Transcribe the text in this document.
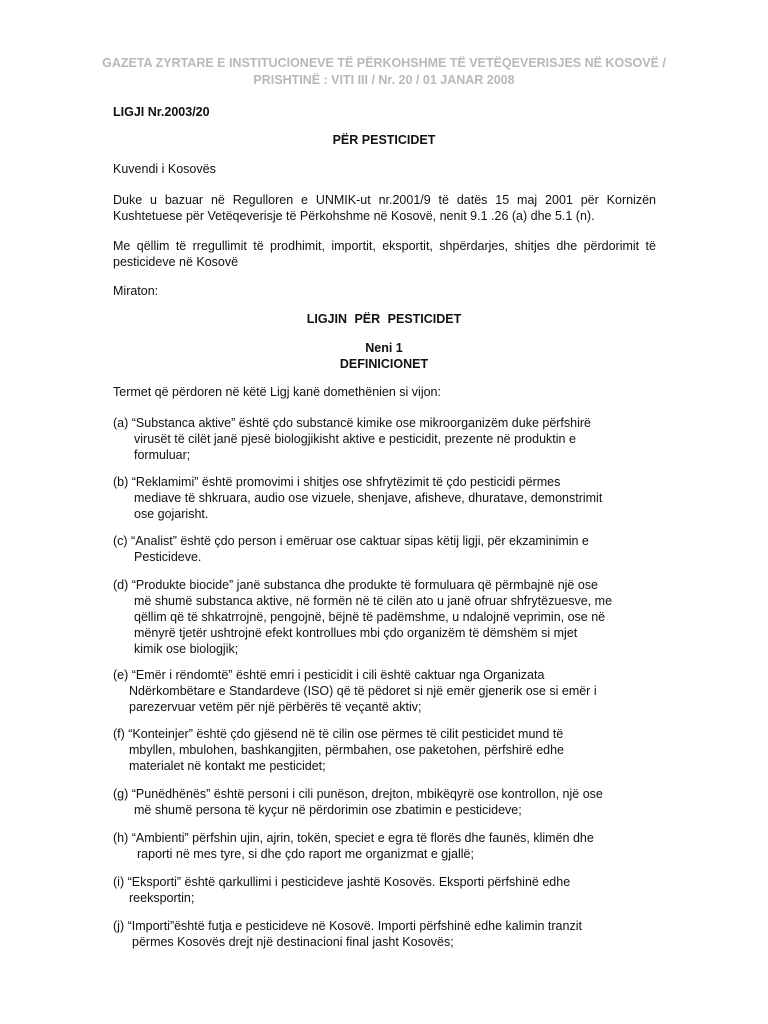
GAZETA ZYRTARE E INSTITUCIONEVE TË PËRKOHSHME TË VETËQEVERISJES NË KOSOVË /
PRISHTINË : VITI III / Nr. 20 / 01 JANAR 2008
LIGJI Nr.2003/20
PËR PESTICIDET
Kuvendi i Kosovës
Duke u bazuar në Regulloren e UNMIK-ut nr.2001/9 të datës 15 maj 2001 për Kornizën
Kushtetuese për Vetëqeverisje të Përkohshme në Kosovë, nenit 9.1 .26 (a) dhe 5.1 (n).
Me qëllim të rregullimit të prodhimit, importit, eksportit, shpërdarjes, shitjes dhe përdorimit të
pesticideve në Kosovë
Miraton:
LIGJIN PËR PESTICIDET
Neni 1
DEFINICIONET
Termet që përdoren në këtë Ligj kanë domethënien si vijon:
(a) “Substanca aktive” është çdo substancë kimike ose mikroorganizëm duke përfshirë
virusët të cilët janë pjesë biologjikisht aktive e pesticidit, prezente në produktin e
formuluar;
(b) “Reklamimi” është promovimi i shitjes ose shfrytëzimit të çdo pesticidi përmes
mediave të shkruara, audio ose vizuele, shenjave, afisheve, dhuratave, demonstrimit
ose gojarisht.
(c) “Analist” është çdo person i emëruar ose caktuar sipas këtij ligji, për ekzaminimin e
Pesticideve.
(d) “Produkte biocide” janë substanca dhe produkte të formuluara që përmbajnë një ose
më shumë substanca aktive, në formën në të cilën ato u janë ofruar shfrytëzuesve, me
qëllim që të shkatrrojnë, pengojnë, bëjnë të padëmshme, u ndalojnë veprimin, ose në
mënyrë tjetër ushtrojnë efekt kontrollues mbi çdo organizëm të dëmshëm si mjet
kimik ose biologjik;
(e) “Emër i rëndomtë” është emri i pesticidit i cili është caktuar nga Organizata
Ndërkombëtare e Standardeve (ISO) që të pëdoret si një emër gjenerik ose si emër i
parezervuar vetëm për një përbërës të veçantë aktiv;
(f) “Konteinjer” është çdo gjësend në të cilin ose përmes të cilit pesticidet mund të
mbyllen, mbulohen, bashkangjiten, përmbahen, ose paketohen, përfshirë edhe
materialet në kontakt me pesticidet;
(g) “Punëdhënës” është personi i cili punëson, drejton, mbikëqyrë ose kontrollon, një ose
më shumë persona të kyçur në përdorimin ose zbatimin e pesticideve;
(h) “Ambienti” përfshin ujin, ajrin, tokën, speciet e egra të florës dhe faunës, klimën dhe
raporti në mes tyre, si dhe çdo raport me organizmat e gjallë;
(i) “Eksporti” është qarkullimi i pesticideve jashtë Kosovës. Eksporti përfshinë edhe
reeksportin;
(j) “Importi”është futja e pesticideve në Kosovë. Importi përfshinë edhe kalimin tranzit
përmes Kosovës drejt një destinacioni final jasht Kosovës;
